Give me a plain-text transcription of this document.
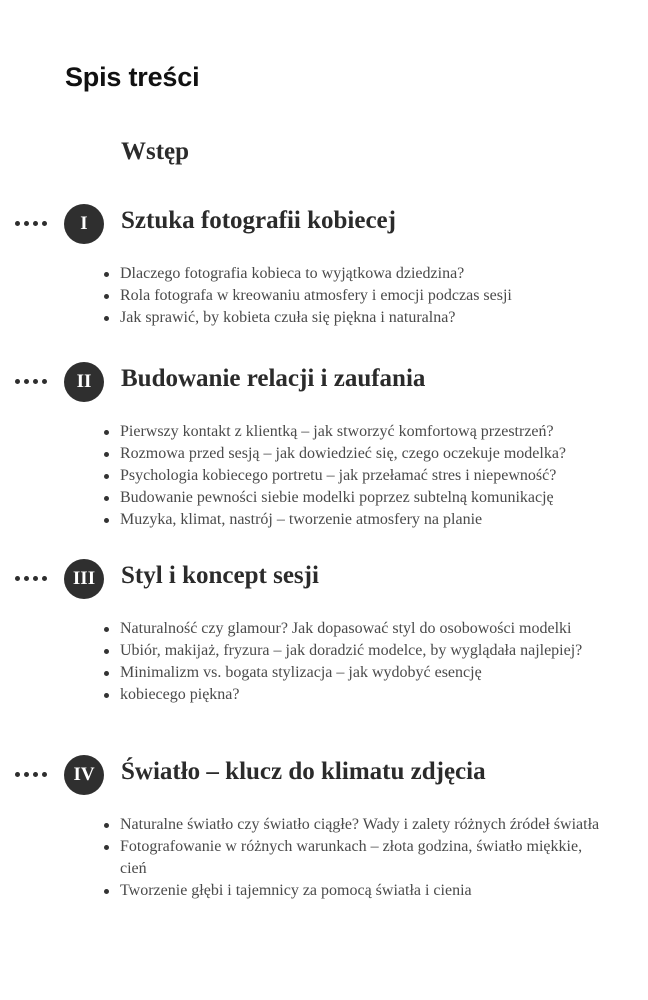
Spis treści
Wstęp
I	Sztuka fotografii kobiecej
Dlaczego fotografia kobieca to wyjątkowa dziedzina?
Rola fotografa w kreowaniu atmosfery i emocji podczas sesji
Jak sprawić, by kobieta czuła się piękna i naturalna?
II	Budowanie relacji i zaufania
Pierwszy kontakt z klientką – jak stworzyć komfortową przestrzeń?
Rozmowa przed sesją – jak dowiedzieć się, czego oczekuje modelka?
Psychologia kobiecego portretu – jak przełamać stres i niepewność?
Budowanie pewności siebie modelki poprzez subtelną komunikację
Muzyka, klimat, nastrój – tworzenie atmosfery na planie
III	Styl i koncept sesji
Naturalność czy glamour? Jak dopasować styl do osobowości modelki
Ubiór, makijaż, fryzura – jak doradzić modelce, by wyglądała najlepiej?
Minimalizm vs. bogata stylizacja – jak wydobyć esencję
kobiecego piękna?
IV	Światło – klucz do klimatu zdjęcia
Naturalne światło czy światło ciągłe? Wady i zalety różnych źródeł światła
Fotografowanie w różnych warunkach – złota godzina, światło miękkie, cień
Tworzenie głębi i tajemnicy za pomocą światła i cienia
